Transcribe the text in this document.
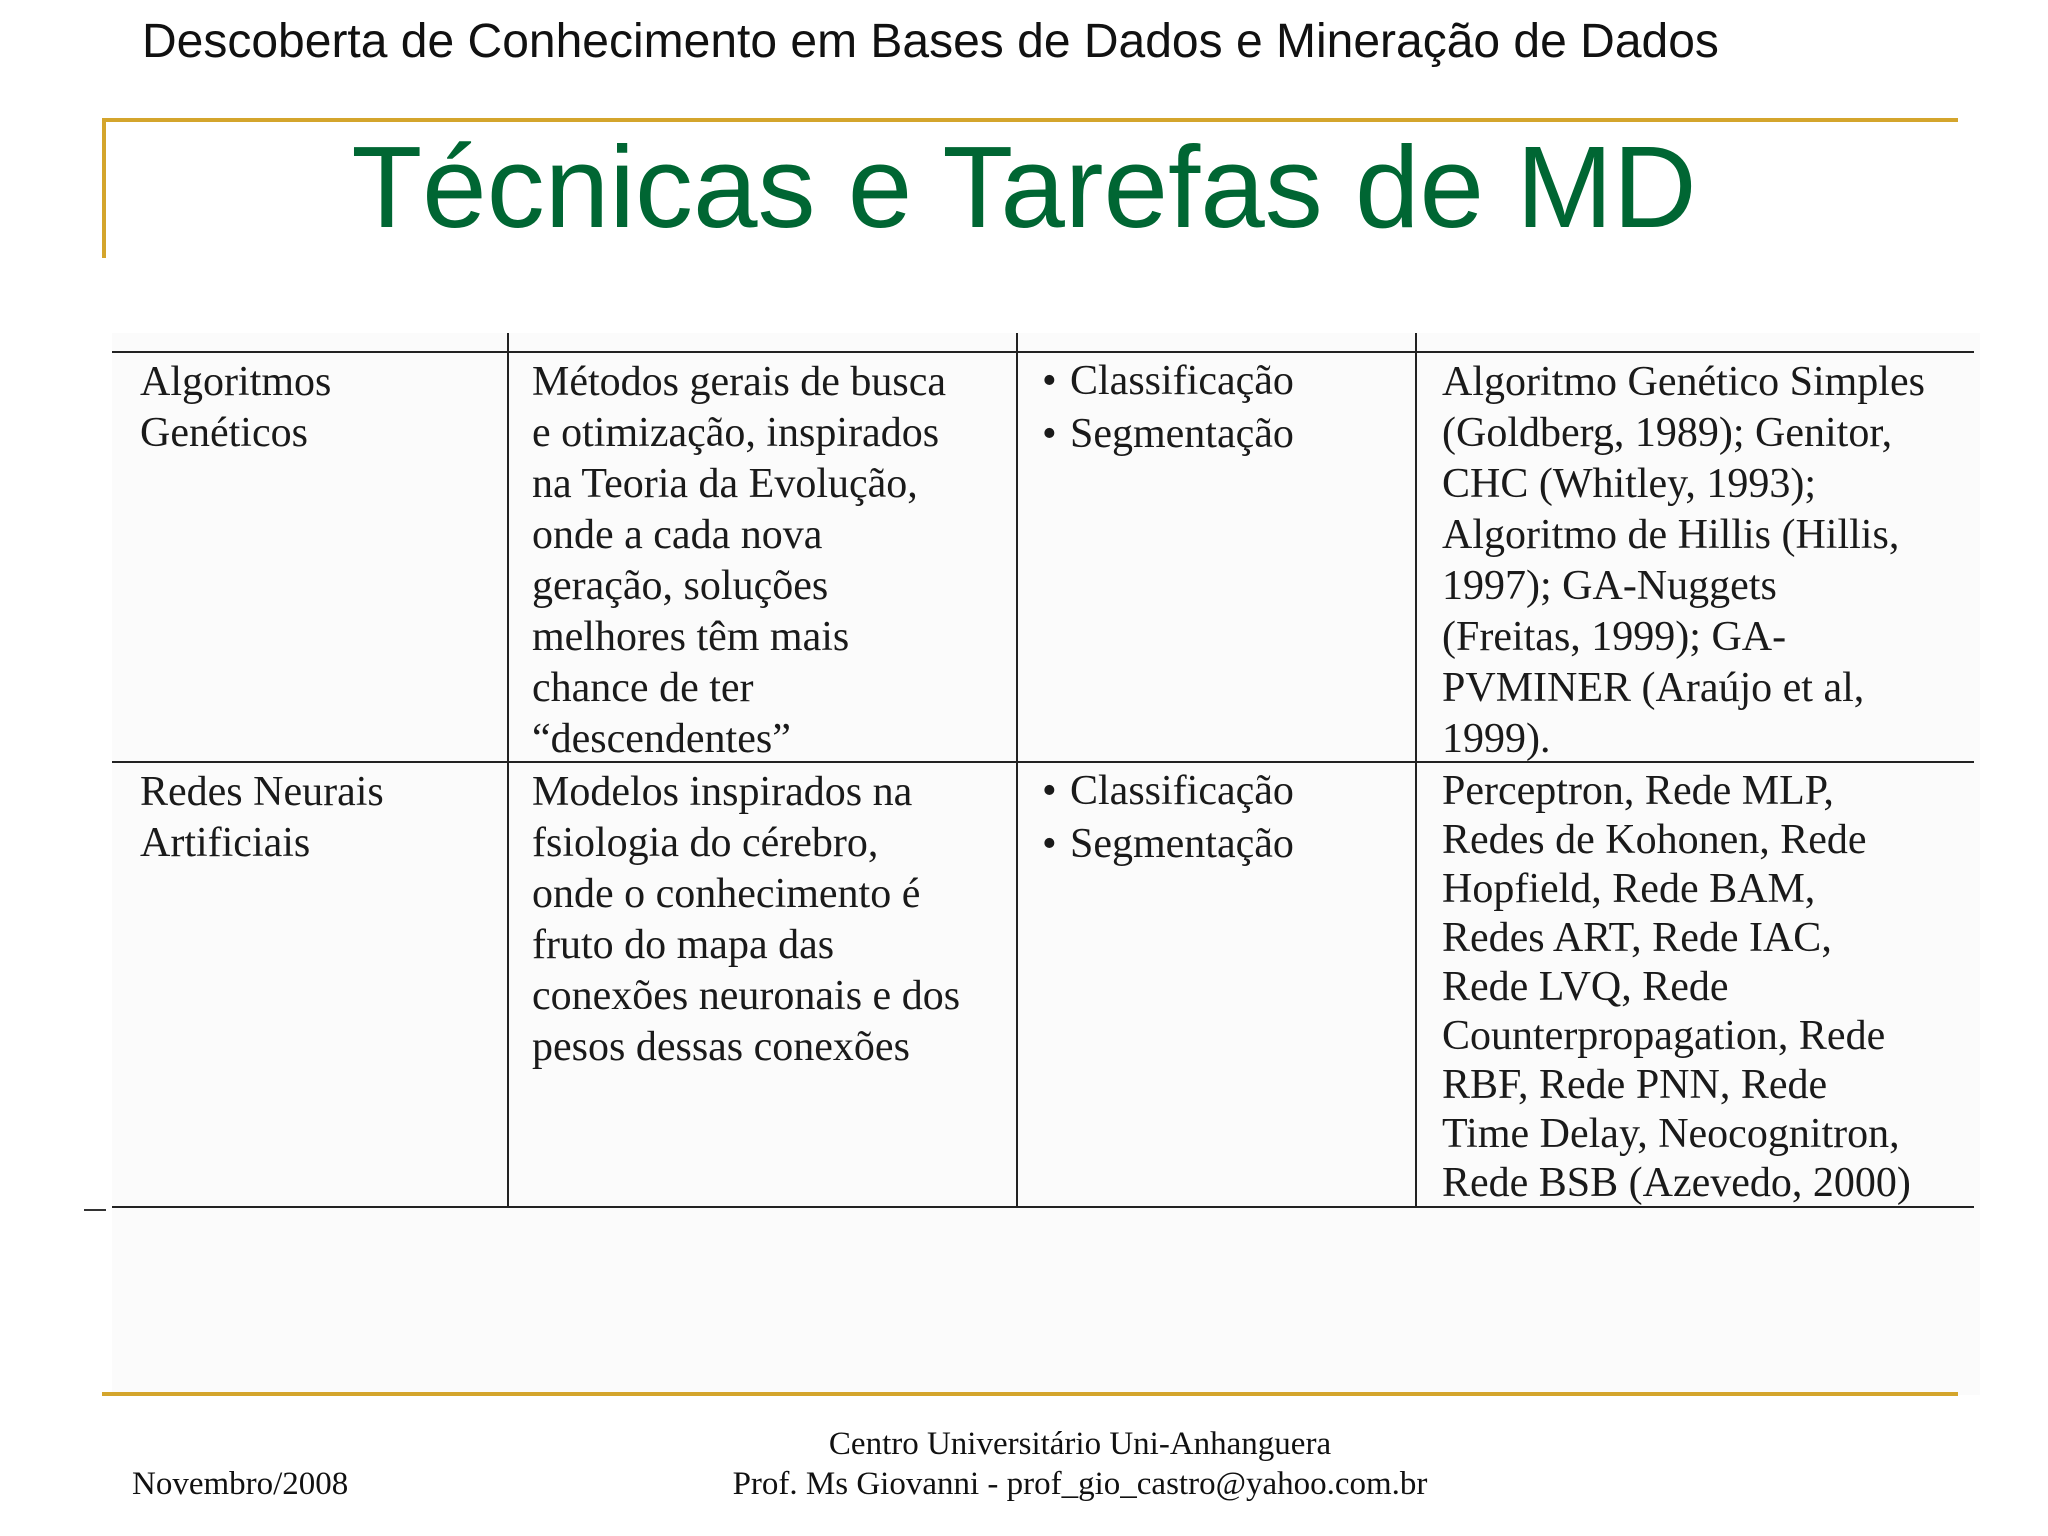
Descoberta de Conhecimento em Bases de Dados e Mineração de Dados
Técnicas e Tarefas de MD
Algoritmos
Genéticos
Métodos gerais de busca
e otimização, inspirados
na Teoria da Evolução,
onde a cada nova
geração, soluções
melhores têm mais
chance de ter
“descendentes”
• Classificação
• Segmentação
Algoritmo Genético Simples
(Goldberg, 1989); Genitor,
CHC (Whitley, 1993);
Algoritmo de Hillis (Hillis,
1997); GA-Nuggets
(Freitas, 1999); GA-
PVMINER (Araújo et al,
1999).
Redes Neurais
Artificiais
Modelos inspirados na
fsiologia do cérebro,
onde o conhecimento é
fruto do mapa das
conexões neuronais e dos
pesos dessas conexões
• Classificação
• Segmentação
Perceptron, Rede MLP,
Redes de Kohonen, Rede
Hopfield, Rede BAM,
Redes ART, Rede IAC,
Rede LVQ, Rede
Counterpropagation, Rede
RBF, Rede PNN, Rede
Time Delay, Neocognitron,
Rede BSB (Azevedo, 2000)
Novembro/2008
Centro Universitário Uni-Anhanguera
Prof. Ms Giovanni - prof_gio_castro@yahoo.com.br
